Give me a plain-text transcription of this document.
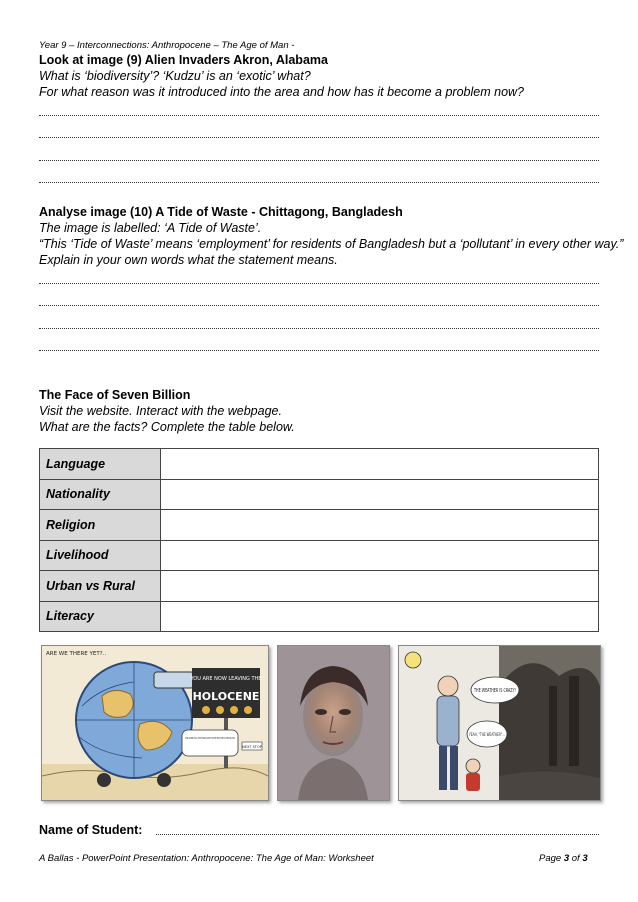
Year 9 – Interconnections: Anthropocene – The Age of Man -
Look at image (9) Alien Invaders Akron, Alabama
What is ‘biodiversity’? ‘Kudzu’ is an ‘exotic’ what?
For what reason was it introduced into the area and how has it become a problem now?
Analyse image (10) A Tide of Waste - Chittagong, Bangladesh
The image is labelled: ‘A Tide of Waste’.
“This ‘Tide of Waste’ means ‘employment’ for residents of Bangladesh but a ‘pollutant’ in every other way.”
Explain in your own words what the statement means.
The Face of Seven Billion
Visit the website. Interact with the webpage.
What are the facts? Complete the table below.
Language	
Nationality	
Religion	
Livelihood	
Urban vs Rural	
Literacy	
YOU ARE NOW LEAVING THE
HOLOCENE
ARE WE THERE YET?..
THANK GOODNESS FOR ALL THE ELECTRONIC GADGETS THAT KEEP THEM OCCUPIED ON THESE LONG TRIPS!
NEXT STOP
THE WEATHER IS CRAZY!
YEAH, "THE WEATHER"...
Name of Student:
A Ballas - PowerPoint Presentation: Anthropocene: The Age of Man: Worksheet	Page 3 of 3
